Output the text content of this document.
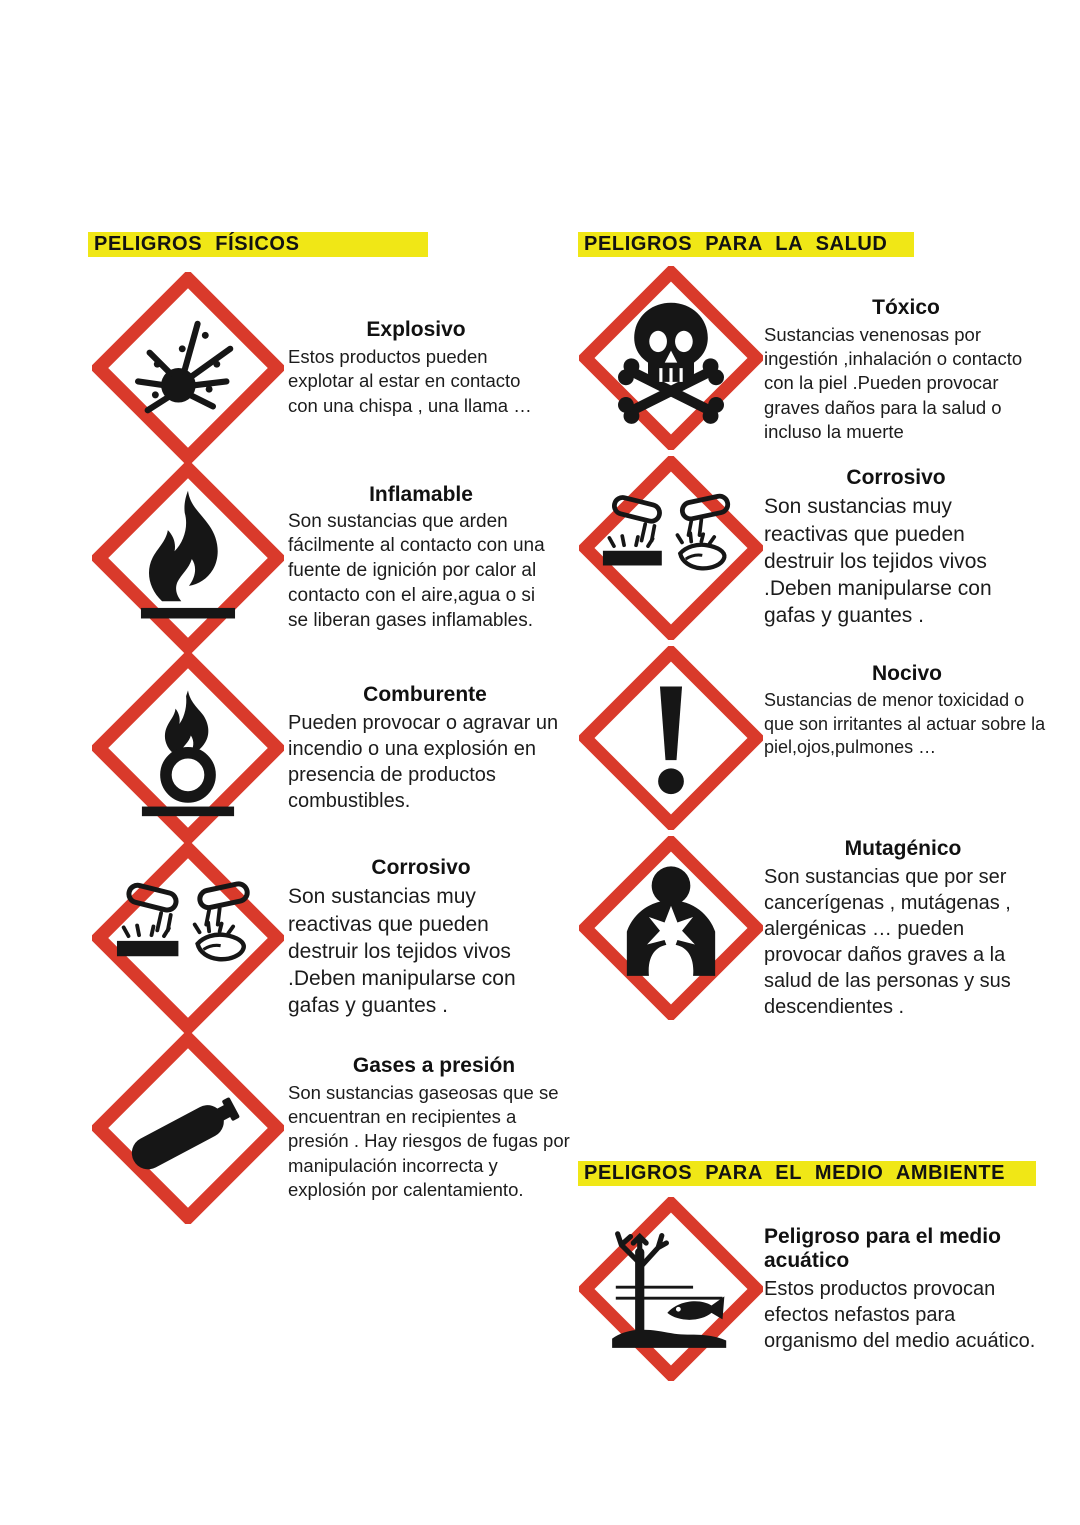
PELIGROS FÍSICOS
Explosivo
Estos productos pueden explotar al estar en contacto con una chispa , una llama …
Inflamable
Son sustancias que arden fácilmente al contacto con una fuente de ignición por calor al contacto con el aire,agua o si se liberan gases inflamables.
Comburente
Pueden provocar o agravar un incendio o una explosión en presencia de productos combustibles.
Corrosivo
Son sustancias muy reactivas que pueden destruir los tejidos vivos .Deben manipularse con gafas y guantes .
Gases a presión
Son sustancias gaseosas que se encuentran en recipientes a presión . Hay riesgos de fugas por manipulación incorrecta y explosión por calentamiento.
PELIGROS PARA LA SALUD
Tóxico
Sustancias venenosas por ingestión ,inhalación o contacto con la piel .Pueden provocar graves daños para la salud o incluso la muerte
Corrosivo
Son sustancias muy reactivas que pueden destruir los tejidos vivos .Deben manipularse con gafas y guantes .
Nocivo
Sustancias de menor toxicidad o que son irritantes al actuar sobre la piel,ojos,pulmones …
Mutagénico
Son sustancias que por ser cancerígenas , mutágenas , alergénicas … pueden provocar daños graves a la salud de las personas y sus descendientes .
PELIGROS PARA EL MEDIO AMBIENTE
Peligroso para el medio acuático
Estos productos provocan efectos nefastos para organismo del medio acuático.
